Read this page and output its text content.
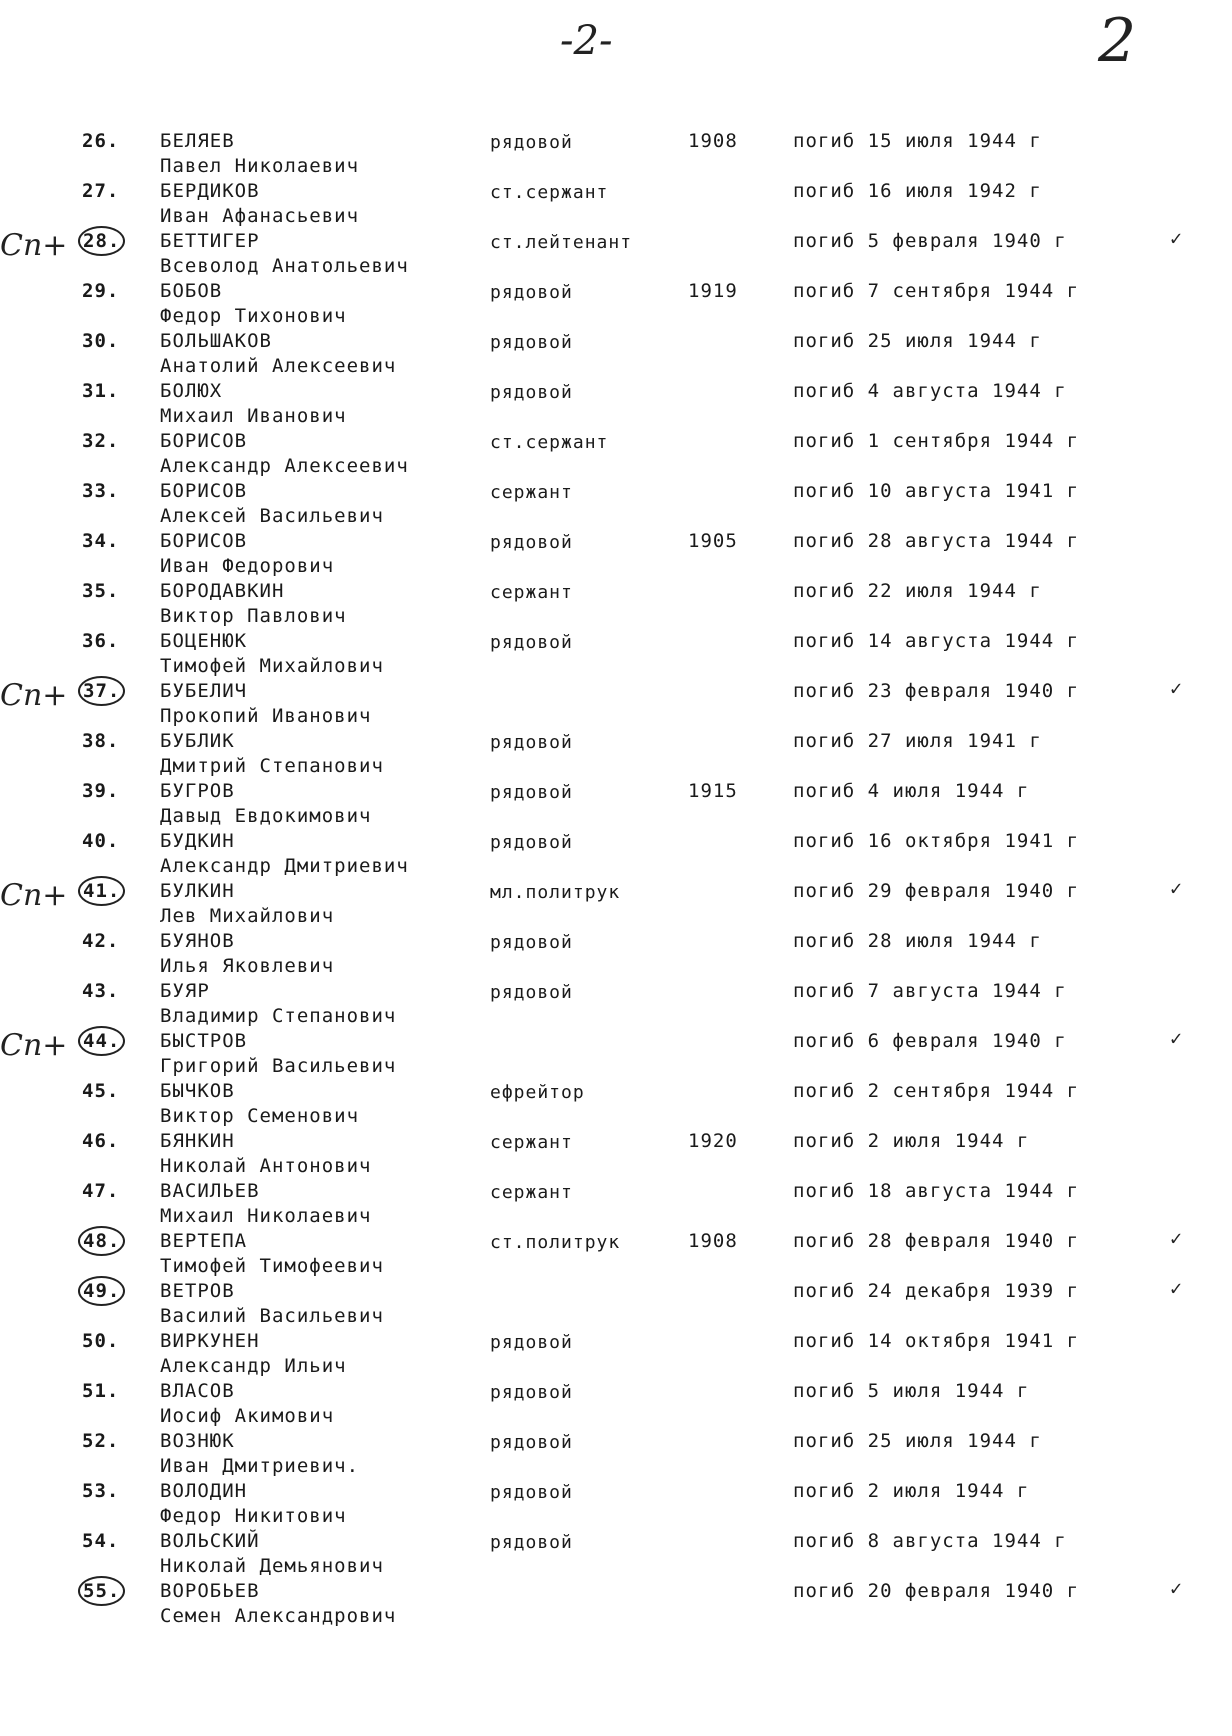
-2-	2
26. БЕЛЯЕВ
Павел Николаевич
рядовой	1908	погиб 15 июля 1944 г
27. БЕРДИКОВ
Иван Афанасьевич
ст.сержант	погиб 16 июля 1942 г
28. БЕТТИГЕР
Всеволод Анатольевич
ст.лейтенант	погиб 5 февраля 1940 г
Сп+	✓
29. БОБОВ
Федор Тихонович
рядовой	1919	погиб 7 сентября 1944 г
30. БОЛЬШАКОВ
Анатолий Алексеевич
рядовой	погиб 25 июля 1944 г
31. БОЛЮХ
Михаил Иванович
рядовой	погиб 4 августа 1944 г
32. БОРИСОВ
Александр Алексеевич
ст.сержант	погиб 1 сентября 1944 г
33. БОРИСОВ
Алексей Васильевич
сержант	погиб 10 августа 1941 г
34. БОРИСОВ
Иван Федорович
рядовой	1905	погиб 28 августа 1944 г
35. БОРОДАВКИН
Виктор Павлович
сержант	погиб 22 июля 1944 г
36. БОЦЕНЮК
Тимофей Михайлович
рядовой	погиб 14 августа 1944 г
37. БУБЕЛИЧ
Прокопий Иванович
погиб 23 февраля 1940 г
Сп+	✓
38. БУБЛИК
Дмитрий Степанович
рядовой	погиб 27 июля 1941 г
39. БУГРОВ
Давыд Евдокимович
рядовой	1915	погиб 4 июля 1944 г
40. БУДКИН
Александр Дмитриевич
рядовой	погиб 16 октября 1941 г
41. БУЛКИН
Лев Михайлович
мл.политрук	погиб 29 февраля 1940 г
Сп+	✓
42. БУЯНОВ
Илья Яковлевич
рядовой	погиб 28 июля 1944 г
43. БУЯР
Владимир Степанович
рядовой	погиб 7 августа 1944 г
44. БЫСТРОВ
Григорий Васильевич
погиб 6 февраля 1940 г
Сп+	✓
45. БЫЧКОВ
Виктор Семенович
ефрейтор	погиб 2 сентября 1944 г
46. БЯНКИН
Николай Антонович
сержант	1920	погиб 2 июля 1944 г
47. ВАСИЛЬЕВ
Михаил Николаевич
сержант	погиб 18 августа 1944 г
48. ВЕРТЕПА
Тимофей Тимофеевич
ст.политрук	1908	погиб 28 февраля 1940 г	✓
49. ВЕТРОВ
Василий Васильевич
погиб 24 декабря 1939 г	✓
50. ВИРКУНЕН
Александр Ильич
рядовой	погиб 14 октября 1941 г
51. ВЛАСОВ
Иосиф Акимович
рядовой	погиб 5 июля 1944 г
52. ВОЗНЮК
Иван Дмитриевич.
рядовой	погиб 25 июля 1944 г
53. ВОЛОДИН
Федор Никитович
рядовой	погиб 2 июля 1944 г
54. ВОЛЬСКИЙ
Николай Демьянович
рядовой	погиб 8 августа 1944 г
55. ВОРОБЬЕВ
Семен Александрович
погиб 20 февраля 1940 г	✓
